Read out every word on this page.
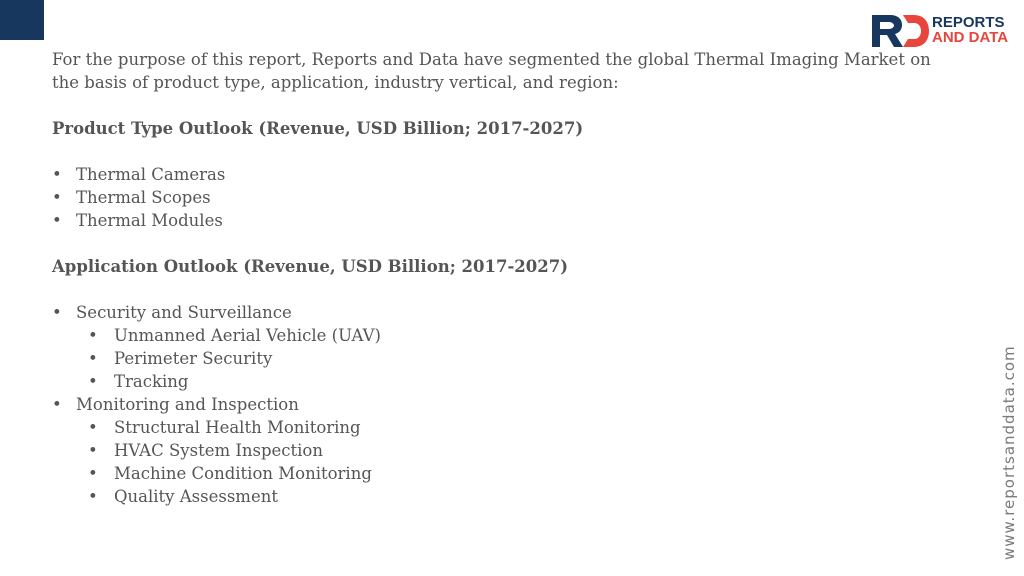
REPORTS
AND DATA

For the purpose of this report, Reports and Data have segmented the global Thermal Imaging Market on the basis of product type, application, industry vertical, and region:

Product Type Outlook (Revenue, USD Billion; 2017-2027)

• Thermal Cameras
• Thermal Scopes
• Thermal Modules

Application Outlook (Revenue, USD Billion; 2017-2027)

• Security and Surveillance
• Unmanned Aerial Vehicle (UAV)
• Perimeter Security
• Tracking
• Monitoring and Inspection
• Structural Health Monitoring
• HVAC System Inspection
• Machine Condition Monitoring
• Quality Assessment	www.reportsanddata.com
